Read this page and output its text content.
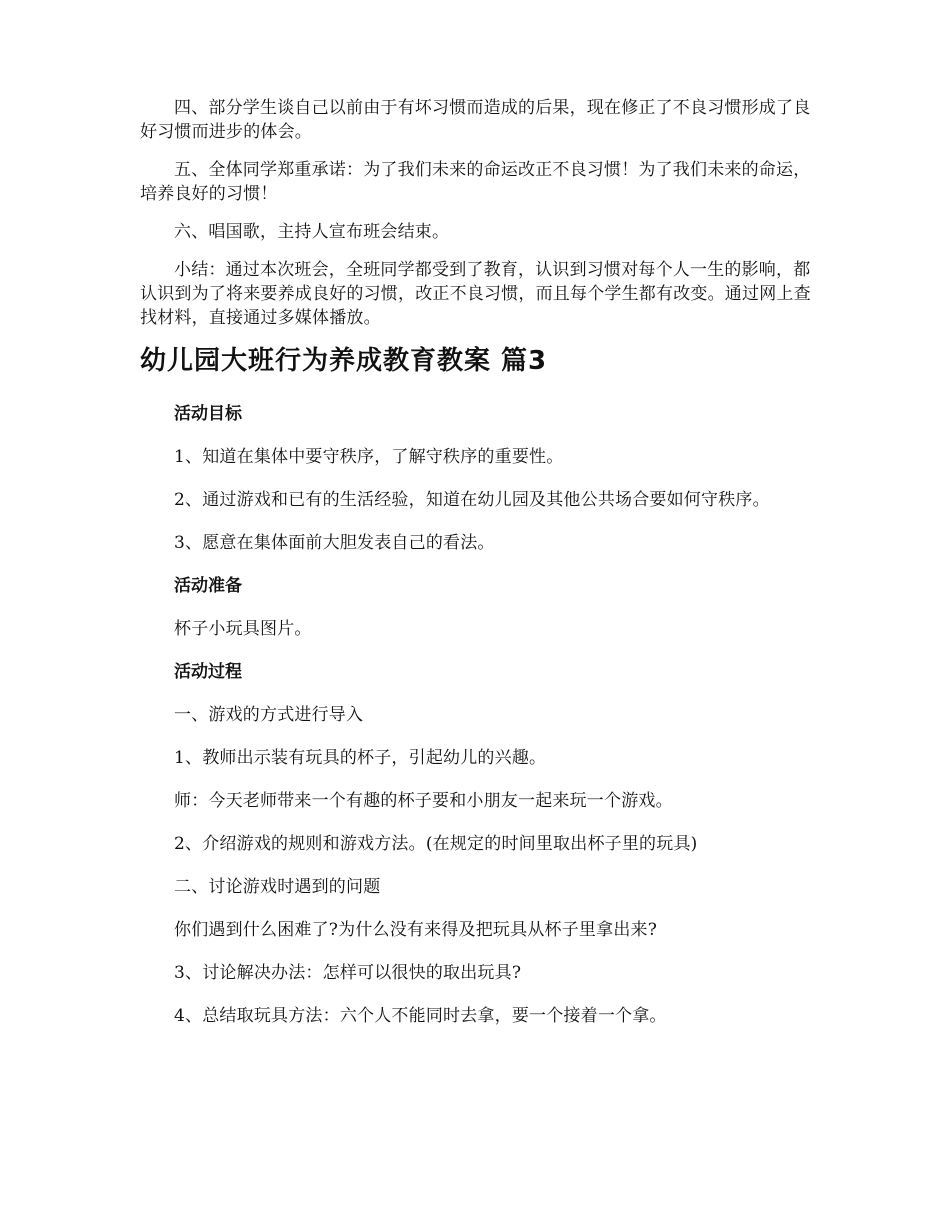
四、部分学生谈自己以前由于有坏习惯而造成的后果，现在修正了不良习惯形成了良好习惯而进步的体会。

五、全体同学郑重承诺：为了我们未来的命运改正不良习惯！为了我们未来的命运，培养良好的习惯！

六、唱国歌，主持人宣布班会结束。

小结：通过本次班会，全班同学都受到了教育，认识到习惯对每个人一生的影响，都认识到为了将来要养成良好的习惯，改正不良习惯，而且每个学生都有改变。通过网上查找材料，直接通过多媒体播放。

幼儿园大班行为养成教育教案 篇3
活动目标

1、知道在集体中要守秩序，了解守秩序的重要性。

2、通过游戏和已有的生活经验，知道在幼儿园及其他公共场合要如何守秩序。

3、愿意在集体面前大胆发表自己的看法。

活动准备

杯子小玩具图片。

活动过程

一、游戏的方式进行导入

1、教师出示装有玩具的杯子，引起幼儿的兴趣。

师：今天老师带来一个有趣的杯子要和小朋友一起来玩一个游戏。

2、介绍游戏的规则和游戏方法。(在规定的时间里取出杯子里的玩具)

二、讨论游戏时遇到的问题

你们遇到什么困难了?为什么没有来得及把玩具从杯子里拿出来?

3、讨论解决办法：怎样可以很快的取出玩具?

4、总结取玩具方法：六个人不能同时去拿，要一个接着一个拿。
